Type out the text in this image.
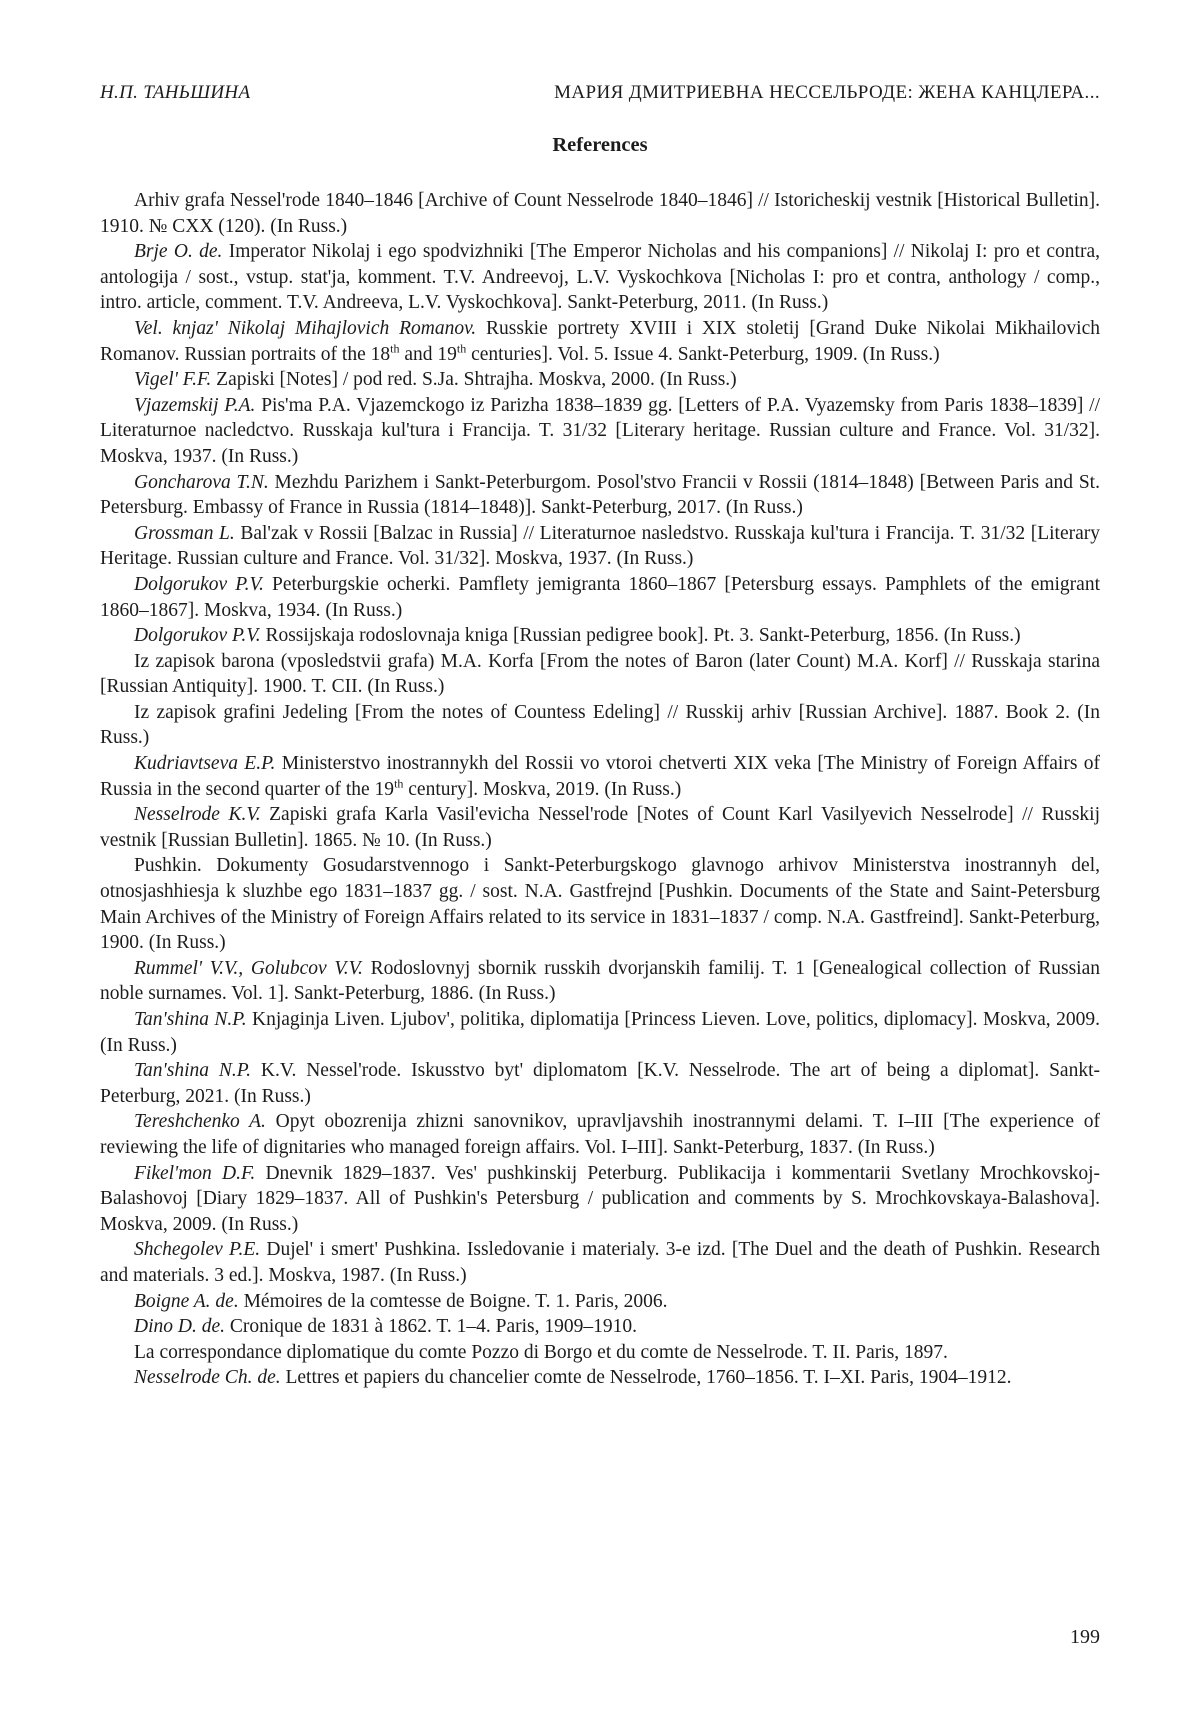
Н.П. ТАНЬШИНА	МАРИЯ ДМИТРИЕВНА НЕССЕЛЬРОДЕ: ЖЕНА КАНЦЛЕРА...
References

Arhiv grafa Nessel'rode 1840–1846 [Archive of Count Nesselrode 1840–1846] // Istoricheskij vestnik [Historical Bulletin]. 1910. № CXX (120). (In Russ.)

Brje O. de. Imperator Nikolaj i ego spodvizhniki [The Emperor Nicholas and his companions] // Nikolaj I: pro et contra, antologija / sost., vstup. stat'ja, komment. T.V. Andreevoj, L.V. Vyskochkova [Nicholas I: pro et contra, anthology / comp., intro. article, comment. T.V. Andreeva, L.V. Vyskochkova]. Sankt-Peterburg, 2011. (In Russ.)

Vel. knjaz' Nikolaj Mihajlovich Romanov. Russkie portrety XVIII i XIX stoletij [Grand Duke Nikolai Mikhailovich Romanov. Russian portraits of the 18th and 19th centuries]. Vol. 5. Issue 4. Sankt-Peterburg, 1909. (In Russ.)

Vigel' F.F. Zapiski [Notes] / pod red. S.Ja. Shtrajha. Moskva, 2000. (In Russ.)

Vjazemskij P.A. Pis'ma P.A. Vjazemckogo iz Parizha 1838–1839 gg. [Letters of P.A. Vyazemsky from Paris 1838–1839] // Literaturnoe nacledctvo. Russkaja kul'tura i Francija. T. 31/32 [Literary heritage. Russian culture and France. Vol. 31/32]. Moskva, 1937. (In Russ.)

Goncharova T.N. Mezhdu Parizhem i Sankt-Peterburgom. Posol'stvo Francii v Rossii (1814–1848) [Between Paris and St. Petersburg. Embassy of France in Russia (1814–1848)]. Sankt-Peterburg, 2017. (In Russ.)

Grossman L. Bal'zak v Rossii [Balzac in Russia] // Literaturnoe nasledstvo. Russkaja kul'tura i Francija. T. 31/32 [Literary Heritage. Russian culture and France. Vol. 31/32]. Moskva, 1937. (In Russ.)

Dolgorukov P.V. Peterburgskie ocherki. Pamflety jemigranta 1860–1867 [Petersburg essays. Pamphlets of the emigrant 1860–1867]. Moskva, 1934. (In Russ.)

Dolgorukov P.V. Rossijskaja rodoslovnaja kniga [Russian pedigree book]. Pt. 3. Sankt-Peterburg, 1856. (In Russ.)

Iz zapisok barona (vposledstvii grafa) M.A. Korfa [From the notes of Baron (later Count) M.A. Korf] // Russkaja starina [Russian Antiquity]. 1900. T. CII. (In Russ.)

Iz zapisok grafini Jedeling [From the notes of Countess Edeling] // Russkij arhiv [Russian Archive]. 1887. Book 2. (In Russ.)

Kudriavtseva E.P. Ministerstvo inostrannykh del Rossii vo vtoroi chetverti XIX veka [The Ministry of Foreign Affairs of Russia in the second quarter of the 19th century]. Moskva, 2019. (In Russ.)

Nesselrode K.V. Zapiski grafa Karla Vasil'evicha Nessel'rode [Notes of Count Karl Vasilyevich Nesselrode] // Russkij vestnik [Russian Bulletin]. 1865. № 10. (In Russ.)

Pushkin. Dokumenty Gosudarstvennogo i Sankt-Peterburgskogo glavnogo arhivov Ministerstva inostrannyh del, otnosjashhiesja k sluzhbe ego 1831–1837 gg. / sost. N.A. Gastfrejnd [Pushkin. Documents of the State and Saint-Petersburg Main Archives of the Ministry of Foreign Affairs related to its service in 1831–1837 / comp. N.A. Gastfreind]. Sankt-Peterburg, 1900. (In Russ.)

Rummel' V.V., Golubcov V.V. Rodoslovnyj sbornik russkih dvorjanskih familij. T. 1 [Genealogical collection of Russian noble surnames. Vol. 1]. Sankt-Peterburg, 1886. (In Russ.)

Tan'shina N.P. Knjaginja Liven. Ljubov', politika, diplomatija [Princess Lieven. Love, politics, diplomacy]. Moskva, 2009. (In Russ.)

Tan'shina N.P. K.V. Nessel'rode. Iskusstvo byt' diplomatom [K.V. Nesselrode. The art of being a diplomat]. Sankt-Peterburg, 2021. (In Russ.)

Tereshchenko A. Opyt obozrenija zhizni sanovnikov, upravljavshih inostrannymi delami. T. I–III [The experience of reviewing the life of dignitaries who managed foreign affairs. Vol. I–III]. Sankt-Peterburg, 1837. (In Russ.)

Fikel'mon D.F. Dnevnik 1829–1837. Ves' pushkinskij Peterburg. Publikacija i kommentarii Svetlany Mrochkovskoj-Balashovoj [Diary 1829–1837. All of Pushkin's Petersburg / publication and comments by S. Mrochkovskaya-Balashova]. Moskva, 2009. (In Russ.)

Shchegolev P.E. Dujel' i smert' Pushkina. Issledovanie i materialy. 3-e izd. [The Duel and the death of Pushkin. Research and materials. 3 ed.]. Moskva, 1987. (In Russ.)

Boigne A. de. Mémoires de la comtesse de Boigne. T. 1. Paris, 2006.

Dino D. de. Cronique de 1831 à 1862. T. 1–4. Paris, 1909–1910.

La correspondance diplomatique du comte Pozzo di Borgo et du comte de Nesselrode. T. II. Paris, 1897.

Nesselrode Ch. de. Lettres et papiers du chancelier comte de Nesselrode, 1760–1856. T. I–XI. Paris, 1904–1912.

199
